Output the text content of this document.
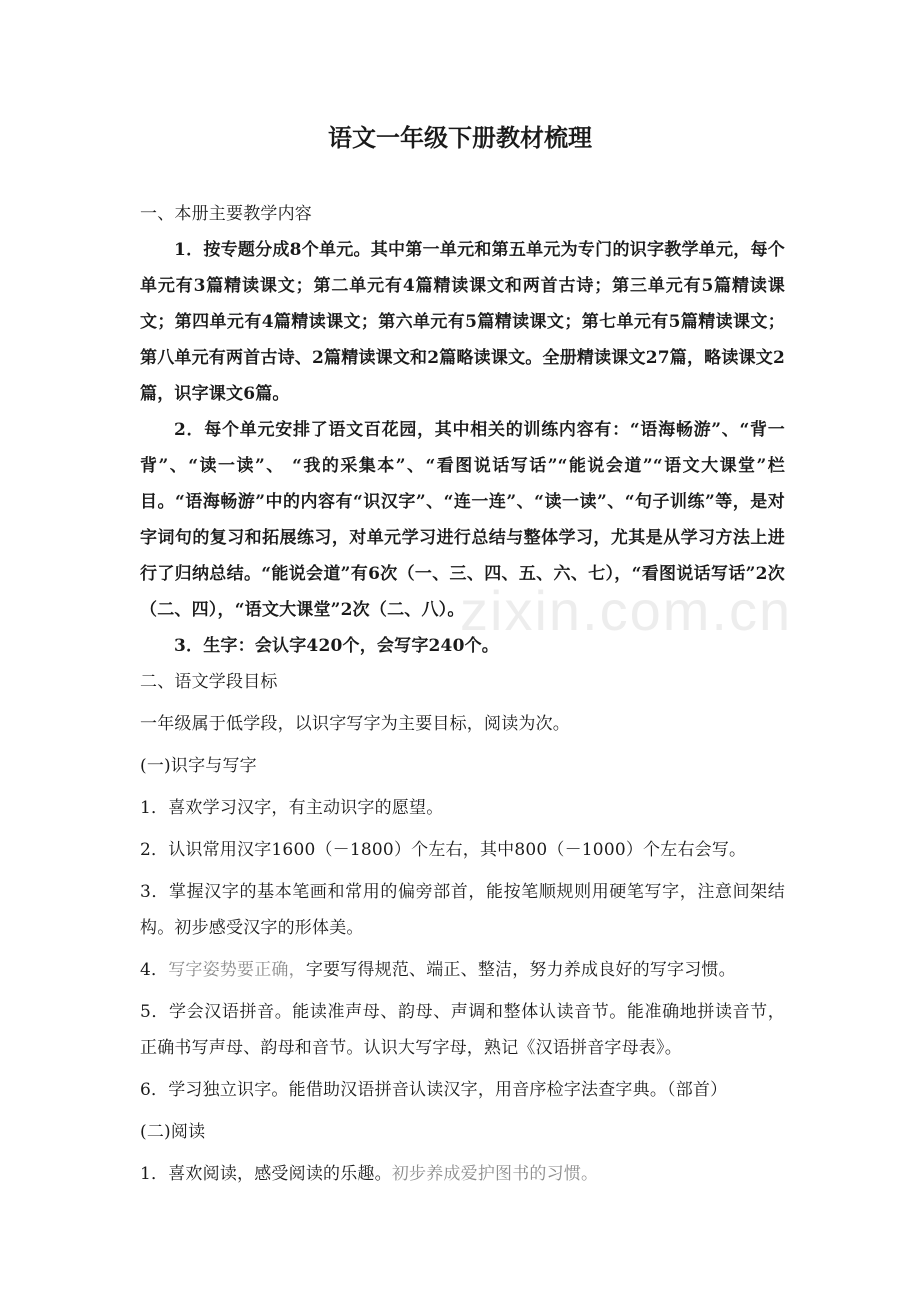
语文一年级下册教材梳理

一、本册主要教学内容

1．按专题分成8个单元。其中第一单元和第五单元为专门的识字教学单元，每个单元有3篇精读课文；第二单元有4篇精读课文和两首古诗；第三单元有5篇精读课文；第四单元有4篇精读课文；第六单元有5篇精读课文；第七单元有5篇精读课文；第八单元有两首古诗、2篇精读课文和2篇略读课文。全册精读课文27篇，略读课文2篇，识字课文6篇。

2．每个单元安排了语文百花园，其中相关的训练内容有：“语海畅游”、“背一背”、“读一读”、 “我的采集本”、“看图说话写话”“能说会道”“语文大课堂”栏目。“语海畅游”中的内容有“识汉字”、“连一连”、“读一读”、“句子训练”等，是对字词句的复习和拓展练习，对单元学习进行总结与整体学习，尤其是从学习方法上进行了归纳总结。“能说会道”有6次（一、三、四、五、六、七），“看图说话写话”2次（二、四），“语文大课堂”2次（二、八）。

3．生字：会认字420个，会写字240个。

二、语文学段目标

一年级属于低学段，以识字写字为主要目标，阅读为次。

(一)识字与写字

1．喜欢学习汉字，有主动识字的愿望。

2．认识常用汉字1600（－1800）个左右，其中800（－1000）个左右会写。

3．掌握汉字的基本笔画和常用的偏旁部首，能按笔顺规则用硬笔写字，注意间架结构。初步感受汉字的形体美。

4．写字姿势要正确，字要写得规范、端正、整洁，努力养成良好的写字习惯。

5．学会汉语拼音。能读准声母、韵母、声调和整体认读音节。能准确地拼读音节，正确书写声母、韵母和音节。认识大写字母，熟记《汉语拼音字母表》。

6．学习独立识字。能借助汉语拼音认读汉字，用音序检字法查字典。（部首）

(二)阅读

1．喜欢阅读，感受阅读的乐趣。初步养成爱护图书的习惯。

zixin.com.cn
